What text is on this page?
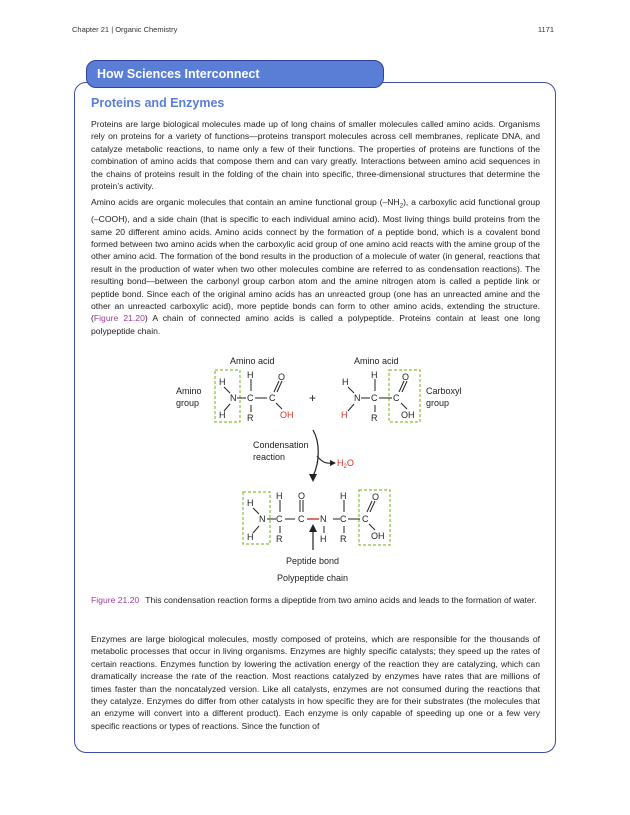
Chapter 21 | Organic Chemistry	1171
How Sciences Interconnect
Proteins and Enzymes
Proteins are large biological molecules made up of long chains of smaller molecules called amino acids. Organisms rely on proteins for a variety of functions—proteins transport molecules across cell membranes, replicate DNA, and catalyze metabolic reactions, to name only a few of their functions. The properties of proteins are functions of the combination of amino acids that compose them and can vary greatly. Interactions between amino acid sequences in the chains of proteins result in the folding of the chain into specific, three-dimensional structures that determine the protein’s activity.
Amino acids are organic molecules that contain an amine functional group $(-NH_2)$, a carboxylic acid functional group (–COOH), and a side chain (that is specific to each individual amino acid). Most living things build proteins from the same 20 different amino acids. Amino acids connect by the formation of a peptide bond, which is a covalent bond formed between two amino acids when the carboxylic acid group of one amino acid reacts with the amine group of the other amino acid. The formation of the bond results in the production of a molecule of water (in general, reactions that result in the production of water when two other molecules combine are referred to as condensation reactions). The resulting bond—between the carbonyl group carbon atom and the amine nitrogen atom is called a peptide link or peptide bond. Since each of the original amino acids has an unreacted group (one has an unreacted amine and the other an unreacted carboxylic acid), more peptide bonds can form to other amino acids, extending the structure. (Figure 21.20) A chain of connected amino acids is called a polypeptide. Proteins contain at least one long polypeptide chain.
Amino acid	Amino acid
Amino
group
Carboxyl
group
H
H
N
H
C
R
C
O
OH
+
H
H
N
H
C
R
C
O
OH
Condensation
reaction
$H_2O$
H
H
N
H
C
R
O
C N
H
H
C
R
C
O
OH
Peptide bond
Polypeptide chain
Figure 21.20 This condensation reaction forms a dipeptide from two amino acids and leads to the formation of water.
Enzymes are large biological molecules, mostly composed of proteins, which are responsible for the thousands of metabolic processes that occur in living organisms. Enzymes are highly specific catalysts; they speed up the rates of certain reactions. Enzymes function by lowering the activation energy of the reaction they are catalyzing, which can dramatically increase the rate of the reaction. Most reactions catalyzed by enzymes have rates that are millions of times faster than the noncatalyzed version. Like all catalysts, enzymes are not consumed during the reactions that they catalyze. Enzymes do differ from other catalysts in how specific they are for their substrates (the molecules that an enzyme will convert into a different product). Each enzyme is only capable of speeding up one or a few very specific reactions or types of reactions. Since the function of
